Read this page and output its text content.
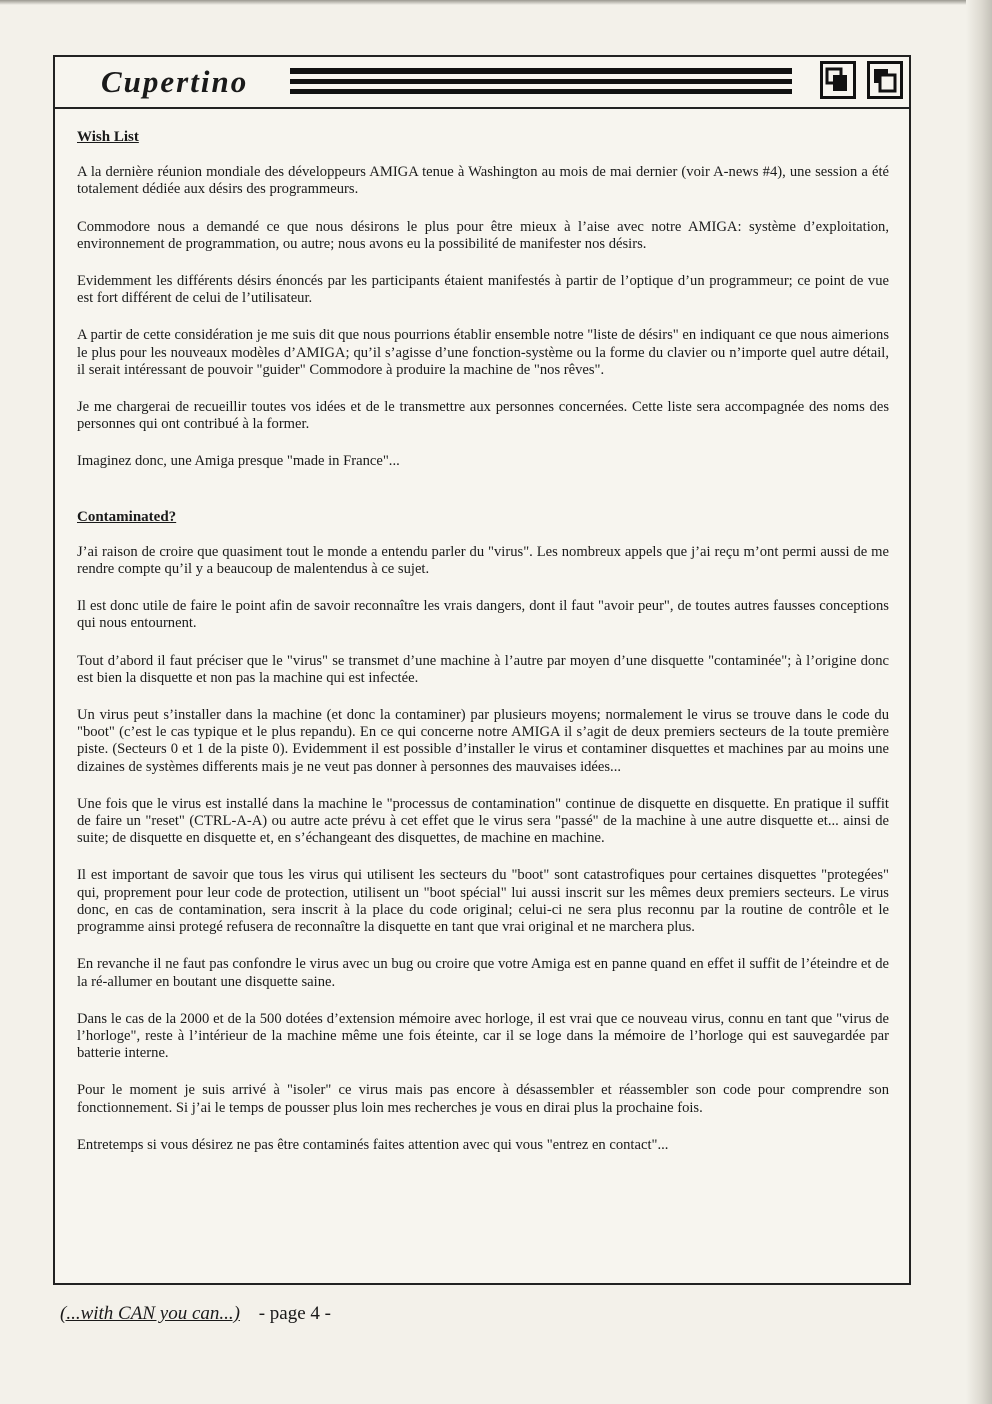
Cupertino
Wish List

A la dernière réunion mondiale des développeurs AMIGA tenue à Washington au mois de mai dernier (voir A-news #4), une session a été totalement dédiée aux désirs des programmeurs.

Commodore nous a demandé ce que nous désirons le plus pour être mieux à l’aise avec notre AMIGA: système d’exploitation, environnement de programmation, ou autre; nous avons eu la possibilité de manifester nos désirs.

Evidemment les différents désirs énoncés par les participants étaient manifestés à partir de l’optique d’un programmeur; ce point de vue est fort différent de celui de l’utilisateur.

A partir de cette considération je me suis dit que nous pourrions établir ensemble notre "liste de désirs" en indiquant ce que nous aimerions le plus pour les nouveaux modèles d’AMIGA; qu’il s’agisse d’une fonction-système ou la forme du clavier ou n’importe quel autre détail, il serait intéressant de pouvoir "guider" Commodore à produire la machine de "nos rêves".

Je me chargerai de recueillir toutes vos idées et de le transmettre aux personnes concernées. Cette liste sera accompagnée des noms des personnes qui ont contribué à la former.

Imaginez donc, une Amiga presque "made in France"...

Contaminated?

J’ai raison de croire que quasiment tout le monde a entendu parler du "virus". Les nombreux appels que j’ai reçu m’ont permi aussi de me rendre compte qu’il y a beaucoup de malentendus à ce sujet.

Il est donc utile de faire le point afin de savoir reconnaître les vrais dangers, dont il faut "avoir peur", de toutes autres fausses conceptions qui nous entournent.

Tout d’abord il faut préciser que le "virus" se transmet d’une machine à l’autre par moyen d’une disquette "contaminée"; à l’origine donc est bien la disquette et non pas la machine qui est infectée.

Un virus peut s’installer dans la machine (et donc la contaminer) par plusieurs moyens; normalement le virus se trouve dans le code du "boot" (c’est le cas typique et le plus repandu). En ce qui concerne notre AMIGA il s’agit de deux premiers secteurs de la toute première piste. (Secteurs 0 et 1 de la piste 0). Evidemment il est possible d’installer le virus et contaminer disquettes et machines par au moins une dizaines de systèmes differents mais je ne veut pas donner à personnes des mauvaises idées...

Une fois que le virus est installé dans la machine le "processus de contamination" continue de disquette en disquette. En pratique il suffit de faire un "reset" (CTRL-A-A) ou autre acte prévu à cet effet que le virus sera "passé" de la machine à une autre disquette et... ainsi de suite; de disquette en disquette et, en s’échangeant des disquettes, de machine en machine.

Il est important de savoir que tous les virus qui utilisent les secteurs du "boot" sont catastrofiques pour certaines disquettes "protegées" qui, proprement pour leur code de protection, utilisent un "boot spécial" lui aussi inscrit sur les mêmes deux premiers secteurs. Le virus donc, en cas de contamination, sera inscrit à la place du code original; celui-ci ne sera plus reconnu par la routine de contrôle et le programme ainsi protegé refusera de reconnaître la disquette en tant que vrai original et ne marchera plus.

En revanche il ne faut pas confondre le virus avec un bug ou croire que votre Amiga est en panne quand en effet il suffit de l’éteindre et de la ré-allumer en boutant une disquette saine.

Dans le cas de la 2000 et de la 500 dotées d’extension mémoire avec horloge, il est vrai que ce nouveau virus, connu en tant que "virus de l’horloge", reste à l’intérieur de la machine même une fois éteinte, car il se loge dans la mémoire de l’horloge qui est sauvegardée par batterie interne.

Pour le moment je suis arrivé à "isoler" ce virus mais pas encore à désassembler et réassembler son code pour comprendre son fonctionnement. Si j’ai le temps de pousser plus loin mes recherches je vous en dirai plus la prochaine fois.

Entretemps si vous désirez ne pas être contaminés faites attention avec qui vous "entrez en contact"...

(...with CAN you can...) - page 4 -
